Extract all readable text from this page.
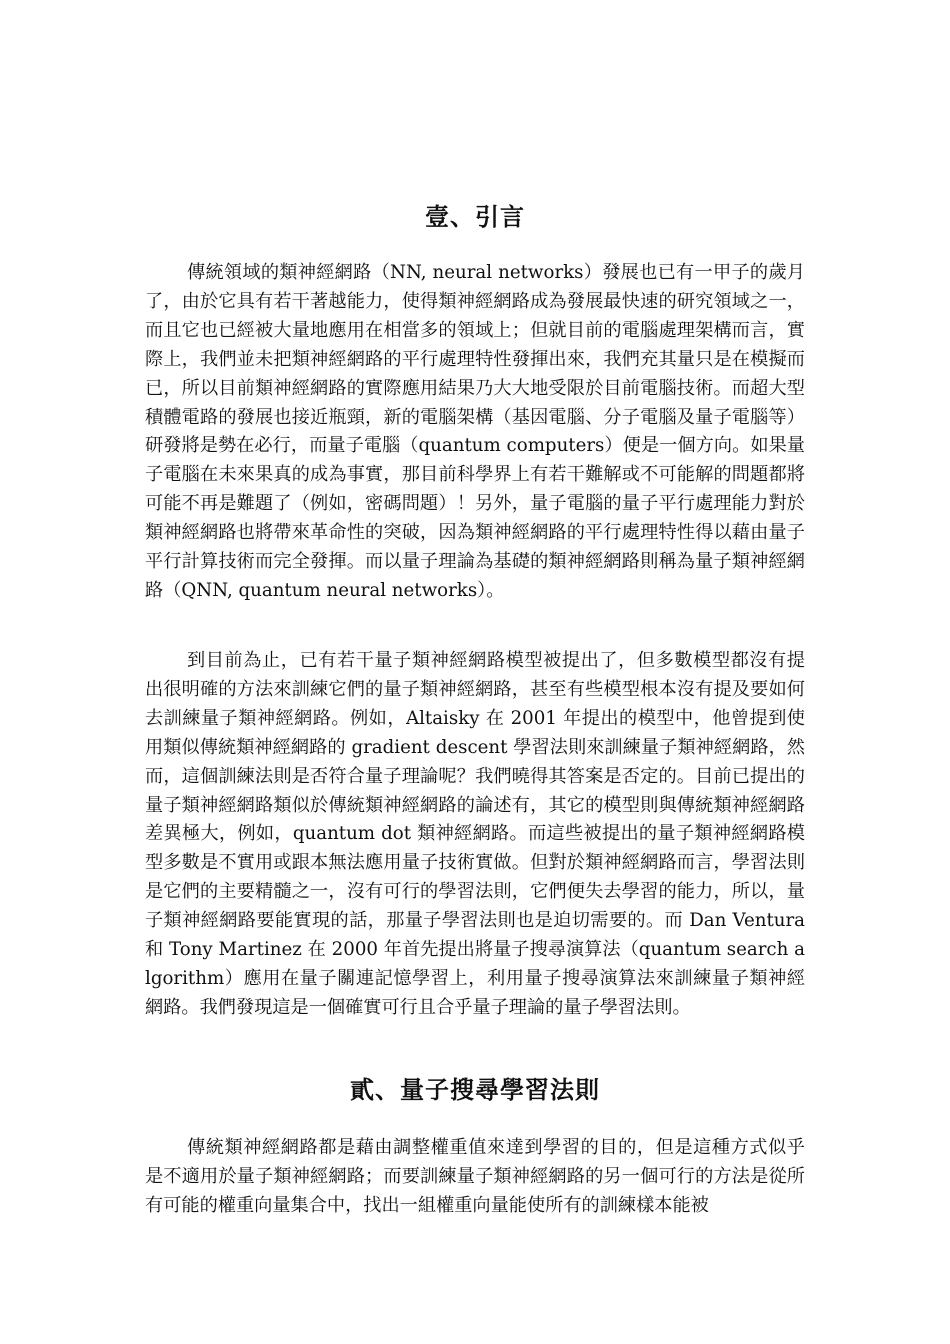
壹、引言

傳統領域的類神經網路（NN, neural networks）發展也已有一甲子的歲月了，由於它具有若干著越能力，使得類神經網路成為發展最快速的研究領域之一，而且它也已經被大量地應用在相當多的領域上；但就目前的電腦處理架構而言，實際上，我們並未把類神經網路的平行處理特性發揮出來，我們充其量只是在模擬而已，所以目前類神經網路的實際應用結果乃大大地受限於目前電腦技術。而超大型積體電路的發展也接近瓶頸，新的電腦架構（基因電腦、分子電腦及量子電腦等）研發將是勢在必行，而量子電腦（quantum computers）便是一個方向。如果量子電腦在未來果真的成為事實，那目前科學界上有若干難解或不可能解的問題都將可能不再是難題了（例如，密碼問題）！另外，量子電腦的量子平行處理能力對於類神經網路也將帶來革命性的突破，因為類神經網路的平行處理特性得以藉由量子平行計算技術而完全發揮。而以量子理論為基礎的類神經網路則稱為量子類神經網路（QNN, quantum neural networks）。

到目前為止，已有若干量子類神經網路模型被提出了，但多數模型都沒有提出很明確的方法來訓練它們的量子類神經網路，甚至有些模型根本沒有提及要如何去訓練量子類神經網路。例如，Altaisky 在 2001 年提出的模型中，他曾提到使用類似傳統類神經網路的 gradient descent 學習法則來訓練量子類神經網路，然而，這個訓練法則是否符合量子理論呢？我們曉得其答案是否定的。目前已提出的量子類神經網路類似於傳統類神經網路的論述有，其它的模型則與傳統類神經網路差異極大，例如，quantum dot 類神經網路。而這些被提出的量子類神經網路模型多數是不實用或跟本無法應用量子技術實做。但對於類神經網路而言，學習法則是它們的主要精髓之一，沒有可行的學習法則，它們便失去學習的能力，所以，量子類神經網路要能實現的話，那量子學習法則也是迫切需要的。而 Dan Ventura 和 Tony Martinez 在 2000 年首先提出將量子搜尋演算法（quantum search algorithm）應用在量子關連記憶學習上，利用量子搜尋演算法來訓練量子類神經網路。我們發現這是一個確實可行且合乎量子理論的量子學習法則。

貳、量子搜尋學習法則

傳統類神經網路都是藉由調整權重值來達到學習的目的，但是這種方式似乎是不適用於量子類神經網路；而要訓練量子類神經網路的另一個可行的方法是從所有可能的權重向量集合中，找出一組權重向量能使所有的訓練樣本能被
